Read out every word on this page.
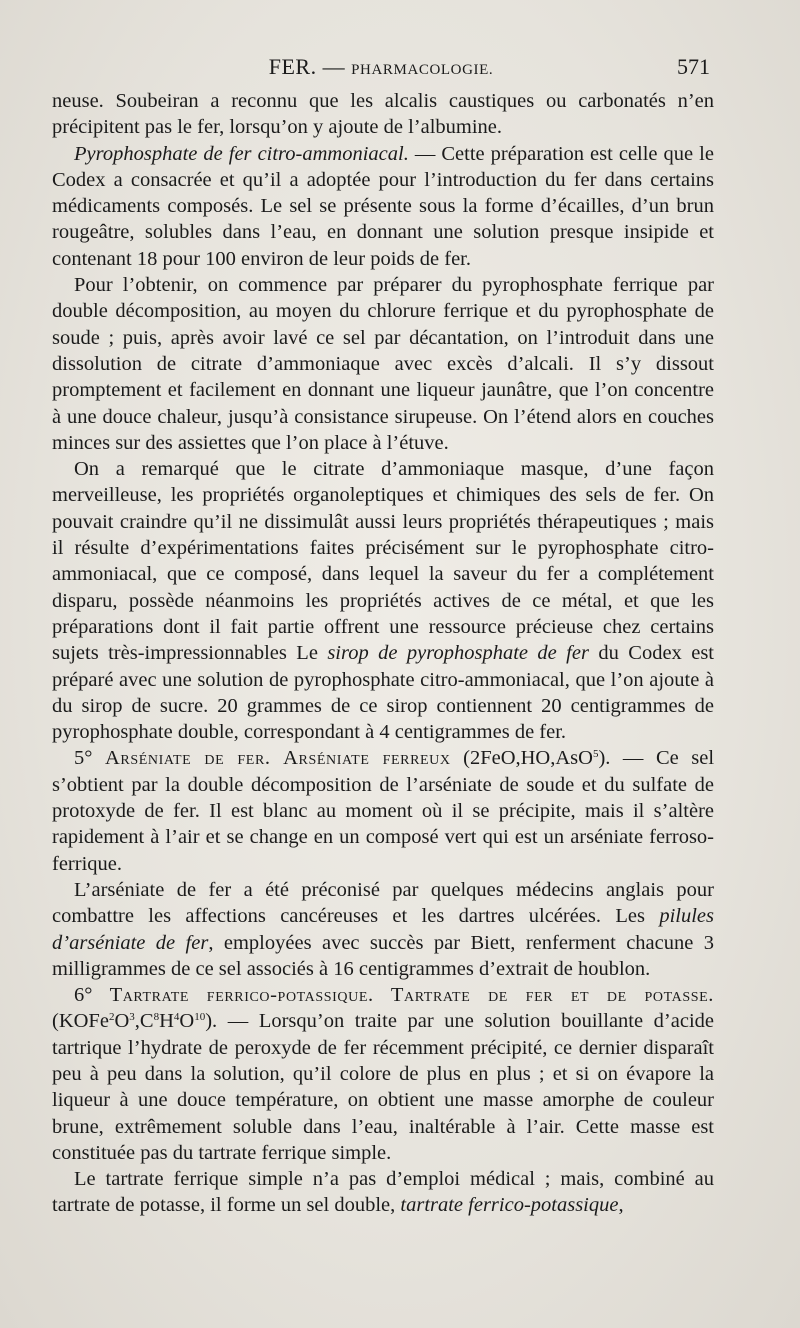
FER. — PHARMACOLOGIE.	571

neuse. Soubeiran a reconnu que les alcalis caustiques ou carbonatés n’en précipitent pas le fer, lorsqu’on y ajoute de l’albumine.

Pyrophosphate de fer citro-ammoniacal. — Cette préparation est celle que le Codex a consacrée et qu’il a adoptée pour l’introduction du fer dans certains médicaments composés. Le sel se présente sous la forme d’écailles, d’un brun rougeâtre, solubles dans l’eau, en donnant une solution presque insipide et contenant 18 pour 100 environ de leur poids de fer.

Pour l’obtenir, on commence par préparer du pyrophosphate ferrique par double décomposition, au moyen du chlorure ferrique et du pyrophosphate de soude ; puis, après avoir lavé ce sel par décantation, on l’introduit dans une dissolution de citrate d’ammoniaque avec excès d’alcali. Il s’y dissout promptement et facilement en donnant une liqueur jaunâtre, que l’on concentre à une douce chaleur, jusqu’à consistance sirupeuse. On l’étend alors en couches minces sur des assiettes que l’on place à l’étuve.

On a remarqué que le citrate d’ammoniaque masque, d’une façon merveilleuse, les propriétés organoleptiques et chimiques des sels de fer. On pouvait craindre qu’il ne dissimulât aussi leurs propriétés thérapeutiques ; mais il résulte d’expérimentations faites précisément sur le pyrophosphate citro-ammoniacal, que ce composé, dans lequel la saveur du fer a complétement disparu, possède néanmoins les propriétés actives de ce métal, et que les préparations dont il fait partie offrent une ressource précieuse chez certains sujets très-impressionnables Le sirop de pyrophosphate de fer du Codex est préparé avec une solution de pyrophosphate citro-ammoniacal, que l’on ajoute à du sirop de sucre. 20 grammes de ce sirop contiennent 20 centigrammes de pyrophosphate double, correspondant à 4 centigrammes de fer.

5° Arséniate de fer. Arséniate ferreux (2FeO,HO,AsO$^5$). — Ce sel s’obtient par la double décomposition de l’arséniate de soude et du sulfate de protoxyde de fer. Il est blanc au moment où il se précipite, mais il s’altère rapidement à l’air et se change en un composé vert qui est un arséniate ferroso-ferrique.

L’arséniate de fer a été préconisé par quelques médecins anglais pour combattre les affections cancéreuses et les dartres ulcérées. Les pilules d’arséniate de fer, employées avec succès par Biett, renferment chacune 3 milligrammes de ce sel associés à 16 centigrammes d’extrait de houblon.

6° Tartrate ferrico-potassique. Tartrate de fer et de potasse. $(KOFe^2O^3,C^8H^4O^{10})$. — Lorsqu’on traite par une solution bouillante d’acide tartrique l’hydrate de peroxyde de fer récemment précipité, ce dernier disparaît peu à peu dans la solution, qu’il colore de plus en plus ; et si on évapore la liqueur à une douce température, on obtient une masse amorphe de couleur brune, extrêmement soluble dans l’eau, inaltérable à l’air. Cette masse est constituée pas du tartrate ferrique simple.

Le tartrate ferrique simple n’a pas d’emploi médical ; mais, combiné au tartrate de potasse, il forme un sel double, tartrate ferrico-potassique,
